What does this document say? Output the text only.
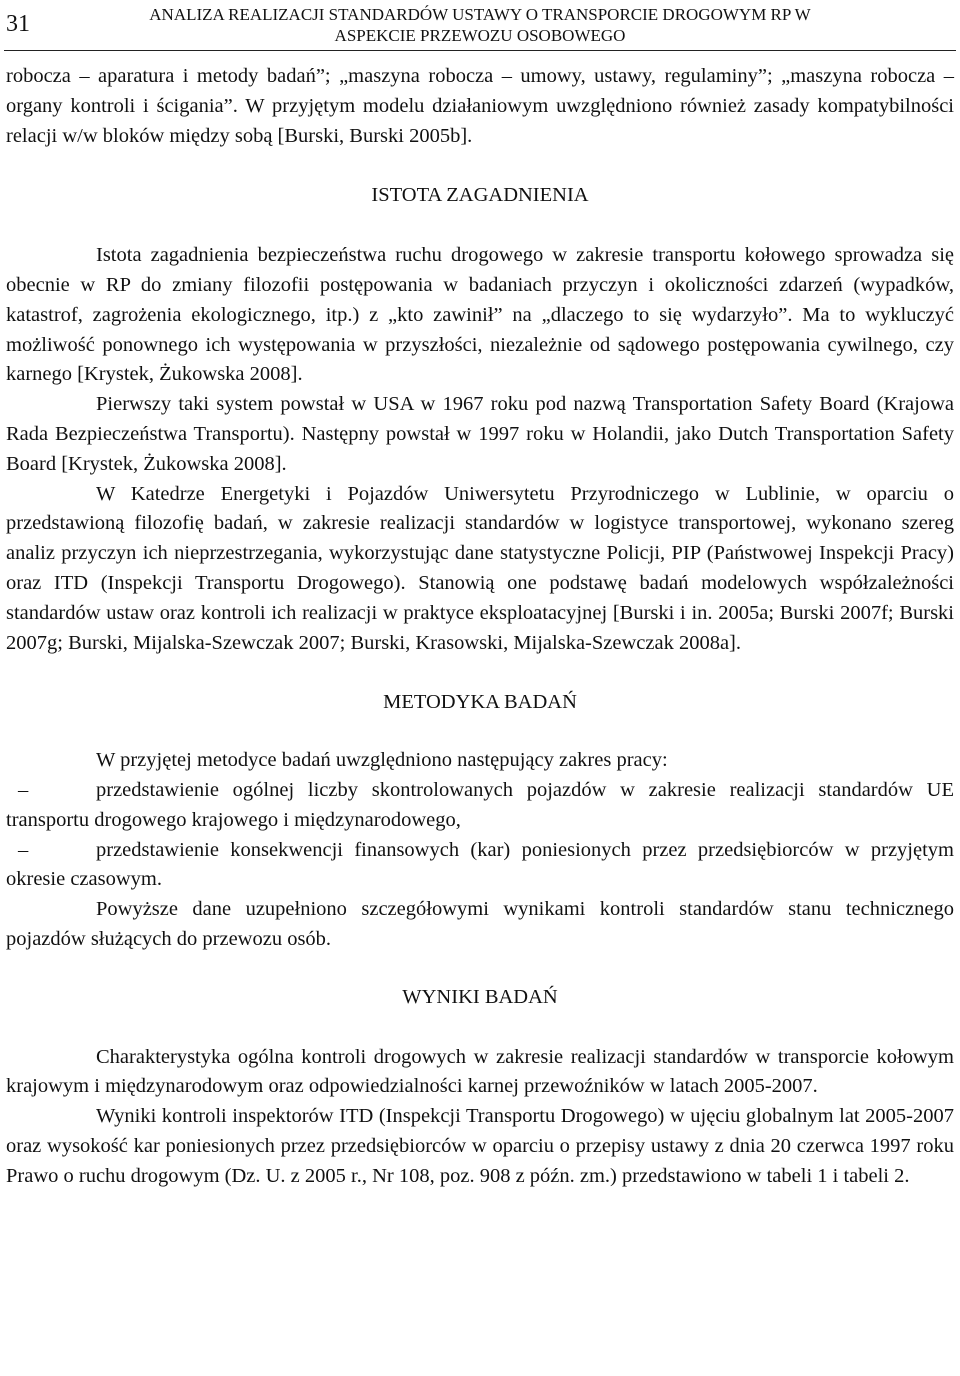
31	ANALIZA REALIZACJI STANDARDÓW USTAWY O TRANSPORCIE DROGOWYM RP W
ASPEKCIE PRZEWOZU OSOBOWEGO

robocza – aparatura i metody badań”; „maszyna robocza – umowy, ustawy, regulaminy”; „maszyna robocza – organy kontroli i ścigania”. W przyjętym modelu działaniowym uwzględniono również zasady kompatybilności relacji w/w bloków między sobą [Burski, Burski 2005b].

ISTOTA ZAGADNIENIA

Istota zagadnienia bezpieczeństwa ruchu drogowego w zakresie transportu kołowego sprowadza się obecnie w RP do zmiany filozofii postępowania w badaniach przyczyn i okoliczności zdarzeń (wypadków, katastrof, zagrożenia ekologicznego, itp.) z „kto zawinił” na „dlaczego to się wydarzyło”. Ma to wykluczyć możliwość ponownego ich występowania w przyszłości, niezależnie od sądowego postępowania cywilnego, czy karnego [Krystek, Żukowska 2008].

Pierwszy taki system powstał w USA w 1967 roku pod nazwą Transportation Safety Board (Krajowa Rada Bezpieczeństwa Transportu). Następny powstał w 1997 roku w Holandii, jako Dutch Transportation Safety Board [Krystek, Żukowska 2008].

W Katedrze Energetyki i Pojazdów Uniwersytetu Przyrodniczego w Lublinie, w oparciu o przedstawioną filozofię badań, w zakresie realizacji standardów w logistyce transportowej, wykonano szereg analiz przyczyn ich nieprzestrzegania, wykorzystując dane statystyczne Policji, PIP (Państwowej Inspekcji Pracy) oraz ITD (Inspekcji Transportu Drogowego). Stanowią one podstawę badań modelowych współzależności standardów ustaw oraz kontroli ich realizacji w praktyce eksploatacyjnej [Burski i in. 2005a; Burski 2007f; Burski 2007g; Burski, Mijalska-Szewczak 2007; Burski, Krasowski, Mijalska-Szewczak 2008a].

METODYKA BADAŃ

W przyjętej metodyce badań uwzględniono następujący zakres pracy:

–	przedstawienie ogólnej liczby skontrolowanych pojazdów w zakresie realizacji standardów UE transportu drogowego krajowego i międzynarodowego,

–	przedstawienie konsekwencji finansowych (kar) poniesionych przez przedsiębiorców w przyjętym okresie czasowym.

Powyższe dane uzupełniono szczegółowymi wynikami kontroli standardów stanu technicznego pojazdów służących do przewozu osób.

WYNIKI BADAŃ

Charakterystyka ogólna kontroli drogowych w zakresie realizacji standardów w transporcie kołowym krajowym i międzynarodowym oraz odpowiedzialności karnej przewoźników w latach 2005-2007.

Wyniki kontroli inspektorów ITD (Inspekcji Transportu Drogowego) w ujęciu globalnym lat 2005-2007 oraz wysokość kar poniesionych przez przedsiębiorców w oparciu o przepisy ustawy z dnia 20 czerwca 1997 roku Prawo o ruchu drogowym (Dz. U. z 2005 r., Nr 108, poz. 908 z późn. zm.) przedstawiono w tabeli 1 i tabeli 2.
